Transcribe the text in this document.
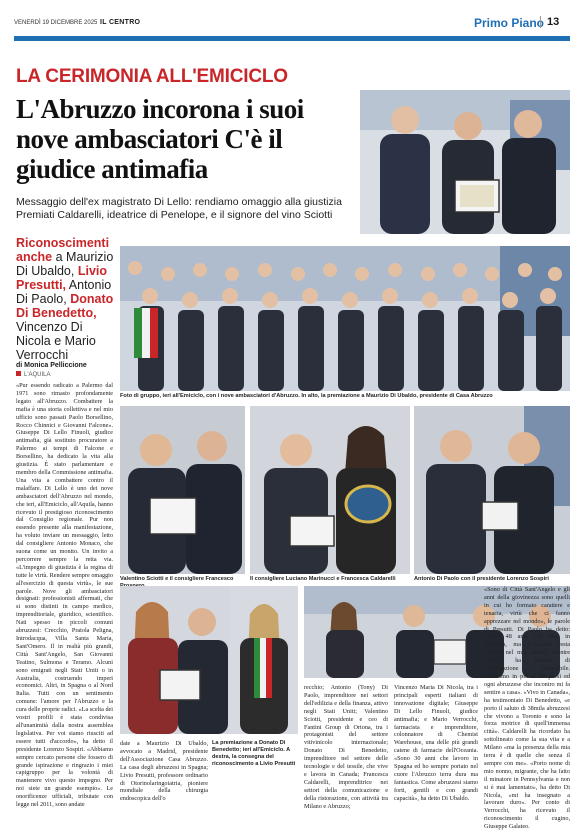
VENERDÌ 19 DICEMBRE 2025 IL CENTRO	Primo Piano 13
LA CERIMONIA ALL'EMICICLO
L'Abruzzo incorona i suoi nove ambasciatori C'è il giudice antimafia
Messaggio dell'ex magistrato Di Lello: rendiamo omaggio alla giustizia Premiati Caldarelli, ideatrice di Penelope, e il signore del vino Sciotti
Riconoscimenti anche a Maurizio Di Ubaldo, Livio Presutti, Antonio Di Paolo, Donato Di Benedetto, Vincenzo Di Nicola e Mario Verrocchi
Foto di gruppo, ieri all'Emiciclo, con i nove ambasciatori d'Abruzzo. In alto, la premiazione a Maurizio Di Ubaldo, presidente di Casa Abruzzo
di Monica Pelliccione
L'AQUILA
«Pur essendo radicato a Palermo dal 1971 sono rimasto profondamente legato all'Abruzzo. Combattere la mafia è una storia collettiva e nel mio ufficio sono passati Paolo Borsellino, Rocco Chinnici e Giovanni Falcone». Giuseppe Di Lello Finuoli, giudice antimafia, già sostituto procuratore a Palermo ai tempi di Falcone e Borsellino, ha dedicato la vita alla giustizia. È stato parlamentare e membro della Commissione antimafia. Una vita a combattere contro il malaffare. Di Lello è uno dei nove ambasciatori dell'Abruzzo nel mondo, che ieri, all'Emiciclo, all'Aquila, hanno ricevuto il prestigioso riconoscimento dal Consiglio regionale. Pur non essendo presente alla manifestazione, ha voluto inviare un messaggio, letto dal consigliere Antonio Monaco, che suona come un monito. Un invito a percorrere sempre la retta via. «L'impegno di giustizia è la regina di tutte le virtù. Rendere sempre omaggio all'esercizio di questa virtù», le sue parole. Nove gli ambasciatori designati: professionisti affermati, che si sono distinti in campo medico, imprenditoriale, giuridico, scientifico. Nati spesso in piccoli comuni abruzzesi: Crecchio, Pratola Peligna, Introdacqua, Villa Santa Maria, Sant'Omero. Il in realtà più grandi, Città Sant'Angelo, San Giovanni Teatino, Sulmona e Teramo. Alcuni sono emigrati negli Stati Uniti o in Australia, costruendo imperi economici. Altri, in Spagna o al Nord Italia. Tutti con un sentimento comune: l'amore per l'Abruzzo e la cura delle proprie radici. «La scelta dei vostri profili è stata condivisa all'unanimità dalla nostra assemblea legislativa. Per voi siamo riusciti ad essere tutti d'accordo», ha detto il presidente Lorenzo Sospiri. «Abbiamo sempre cercato persone che fossero di grande ispirazione e ringrazio i miei capigruppo per la volontà di mantenere vivo questo impegno. Per noi siete un grande esempio». Le onorificenze ufficiali, tributate con legge nel 2011, sono andate
Valentino Sciotti e il consigliere Francesco	Il consigliere Luciano Marinucci e Francesca Caldarelli	Antonio Di Paolo con il presidente Lorenzo Sospiri
La premiazione a Donato Di Benedetto; ieri all'Emiciclo. A destra, la consegna del riconoscimento a Livio Presutti
date a Maurizio Di Ubaldo, avvocato a Madrid, presidente dell'Associazione Casa Abruzzo. La casa degli abruzzesi in Spagna; Livio Presutti, professore ordinario di Otorinolaringoiatria, pioniere mondiale della chirurgia endoscopica dell'o
recchio; Antonio (Tony) Di Paolo, imprenditore nei settori dell'edilizia e della finanza, attivo negli Stati Uniti; Valentino Sciotti, presidente e ceo di Fantini Group di Ortona, tra i protagonisti del settore vitivinicolo internazionale; Donato Di Benedetto, imprenditore nel settore delle tecnologie e del tessile, che vive e lavora in Canada; Francesca Caldarelli, imprenditrice nei settori della comunicazione e della ristorazione, con attività tra Milano e Abruzzo;
Vincenzo Maria Di Nicola, tra i principali esperti italiani di innovazione digitale; Giuseppe Di Lello Finuoli, giudice antimafia; e Mario Verrocchi, farmacista e imprenditore, colonnatore di Chemist Warehouse, una delle più grandi catene di farmacie dell'Oceania. «Sono 30 anni che lavoro in Spagna ed ho sempre portato nel cuore l'Abruzzo terra dura ma fantastica. Come abruzzesi siamo forti, gentili e con grandi capacità», ha detto Di Ubaldo.
«Sono di Città Sant'Angelo e gli anni della giovinezza sono quelli in cui ho formato carattere e tenacia, virtù che ci fanno apprezzare nel mondo», le parole di Presutti. Di Paolo ha detto: «Sono 48 anni che vivo in America, ma l'Abruzzo resta sempre nel mio cuore», mentre Sciotti, ha parlato di «un'emozione incredibile. Vendiamo in più di 80 paesi ed ogni abruzzese che incontro mi fa sentire a casa». «Vivo in Canada», ha testimoniato Di Benedetto, «e porto il saluto di 38mila abruzzesi che vivono a Toronto e sono la forza motrice di quell'immensa città». Caldarelli ha ricordato ha sottolineato come la sua vita e a Milano «ma la presenza della mia terra è di quelle che senza il sempre con me». «Porto nome di mio nonno, migrante, che ha fatto il minatore in Pennsylvania e non si è mai lamentato», ha detto Di Nicola, «mi ha insegnato a lavorare duro». Per conto di Verrocchi, ha ricevuto il riconoscimento il cugino, Giuseppe Galateo.
